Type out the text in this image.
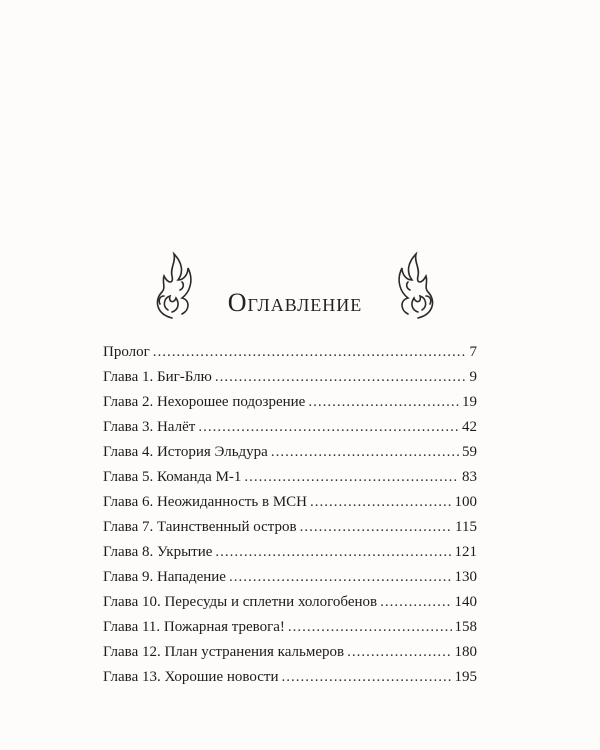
Оглавление
Пролог .....	7
Глава 1. Биг-Блю .....	9
Глава 2. Нехорошее подозрение .....	19
Глава 3. Налёт .....	42
Глава 4. История Эльдура .....	59
Глава 5. Команда М-1 .....	83
Глава 6. Неожиданность в МСН .....	100
Глава 7. Таинственный остров .....	115
Глава 8. Укрытие .....	121
Глава 9. Нападение .....	130
Глава 10. Пересуды и сплетни хологобенов .....	140
Глава 11. Пожарная тревога! .....	158
Глава 12. План устранения кальмеров .....	180
Глава 13. Хорошие новости .....	195
